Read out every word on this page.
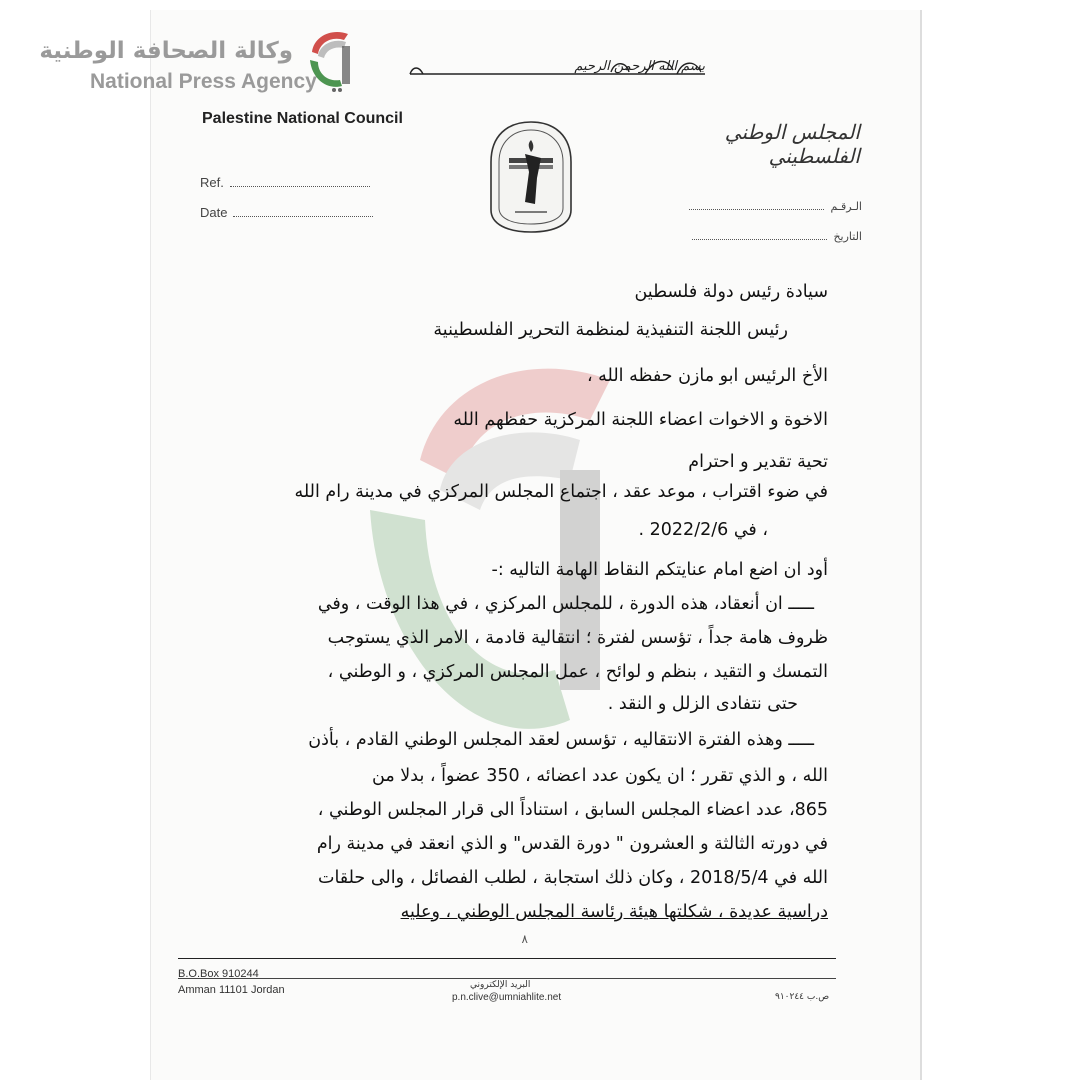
وكالة الصحافة الوطنية
National Press Agency
بسم الله الرحمن الرحيم
Palestine National Council
المجلس الوطني الفلسطيني
Ref.
Date	الـرقـم
التاريخ
سيادة رئيس دولة فلسطين
رئيس اللجنة التنفيذية لمنظمة التحرير الفلسطينية
الأخ الرئيس ابو مازن حفظه الله ،
الاخوة و الاخوات اعضاء اللجنة المركزية حفظهم الله
تحية تقدير و احترام
في ضوء اقتراب ، موعد عقد ، اجتماع المجلس المركزي في مدينة رام الله
، في 2022/2/6 .
أود ان اضع امام عنايتكم النقاط الهامة التاليه :-
ـــــ ان أنعقاد، هذه الدورة ، للمجلس المركزي ، في هذا الوقت ، وفي
ظروف هامة جداً ، تؤسس لفترة ؛ انتقالية قادمة ، الامر الذي يستوجب
التمسك و التقيد ، بنظم و لوائح ، عمل المجلس المركزي ، و الوطني ،
حتى نتفادى الزلل و النقد .
ـــــ وهذه الفترة الانتقاليه ، تؤسس لعقد المجلس الوطني القادم ، بأذن
الله ، و الذي تقرر ؛ ان يكون عدد اعضائه ، 350 عضواً ، بدلا من
865، عدد اعضاء المجلس السابق ، استناداً الى قرار المجلس الوطني ،
في دورته الثالثة و العشرون " دورة القدس" و الذي انعقد في مدينة رام
الله في 2018/5/4 ، وكان ذلك استجابة ، لطلب الفصائل ، والى حلقات
دراسية عديدة ، شكلتها هيئة رئاسة المجلس الوطني ، وعليه
٨
B.O.Box 910244
Amman 11101 Jordan	البريد الإلكتروني
p.n.clive@umniahlite.net	ص.ب ٩١٠٢٤٤
